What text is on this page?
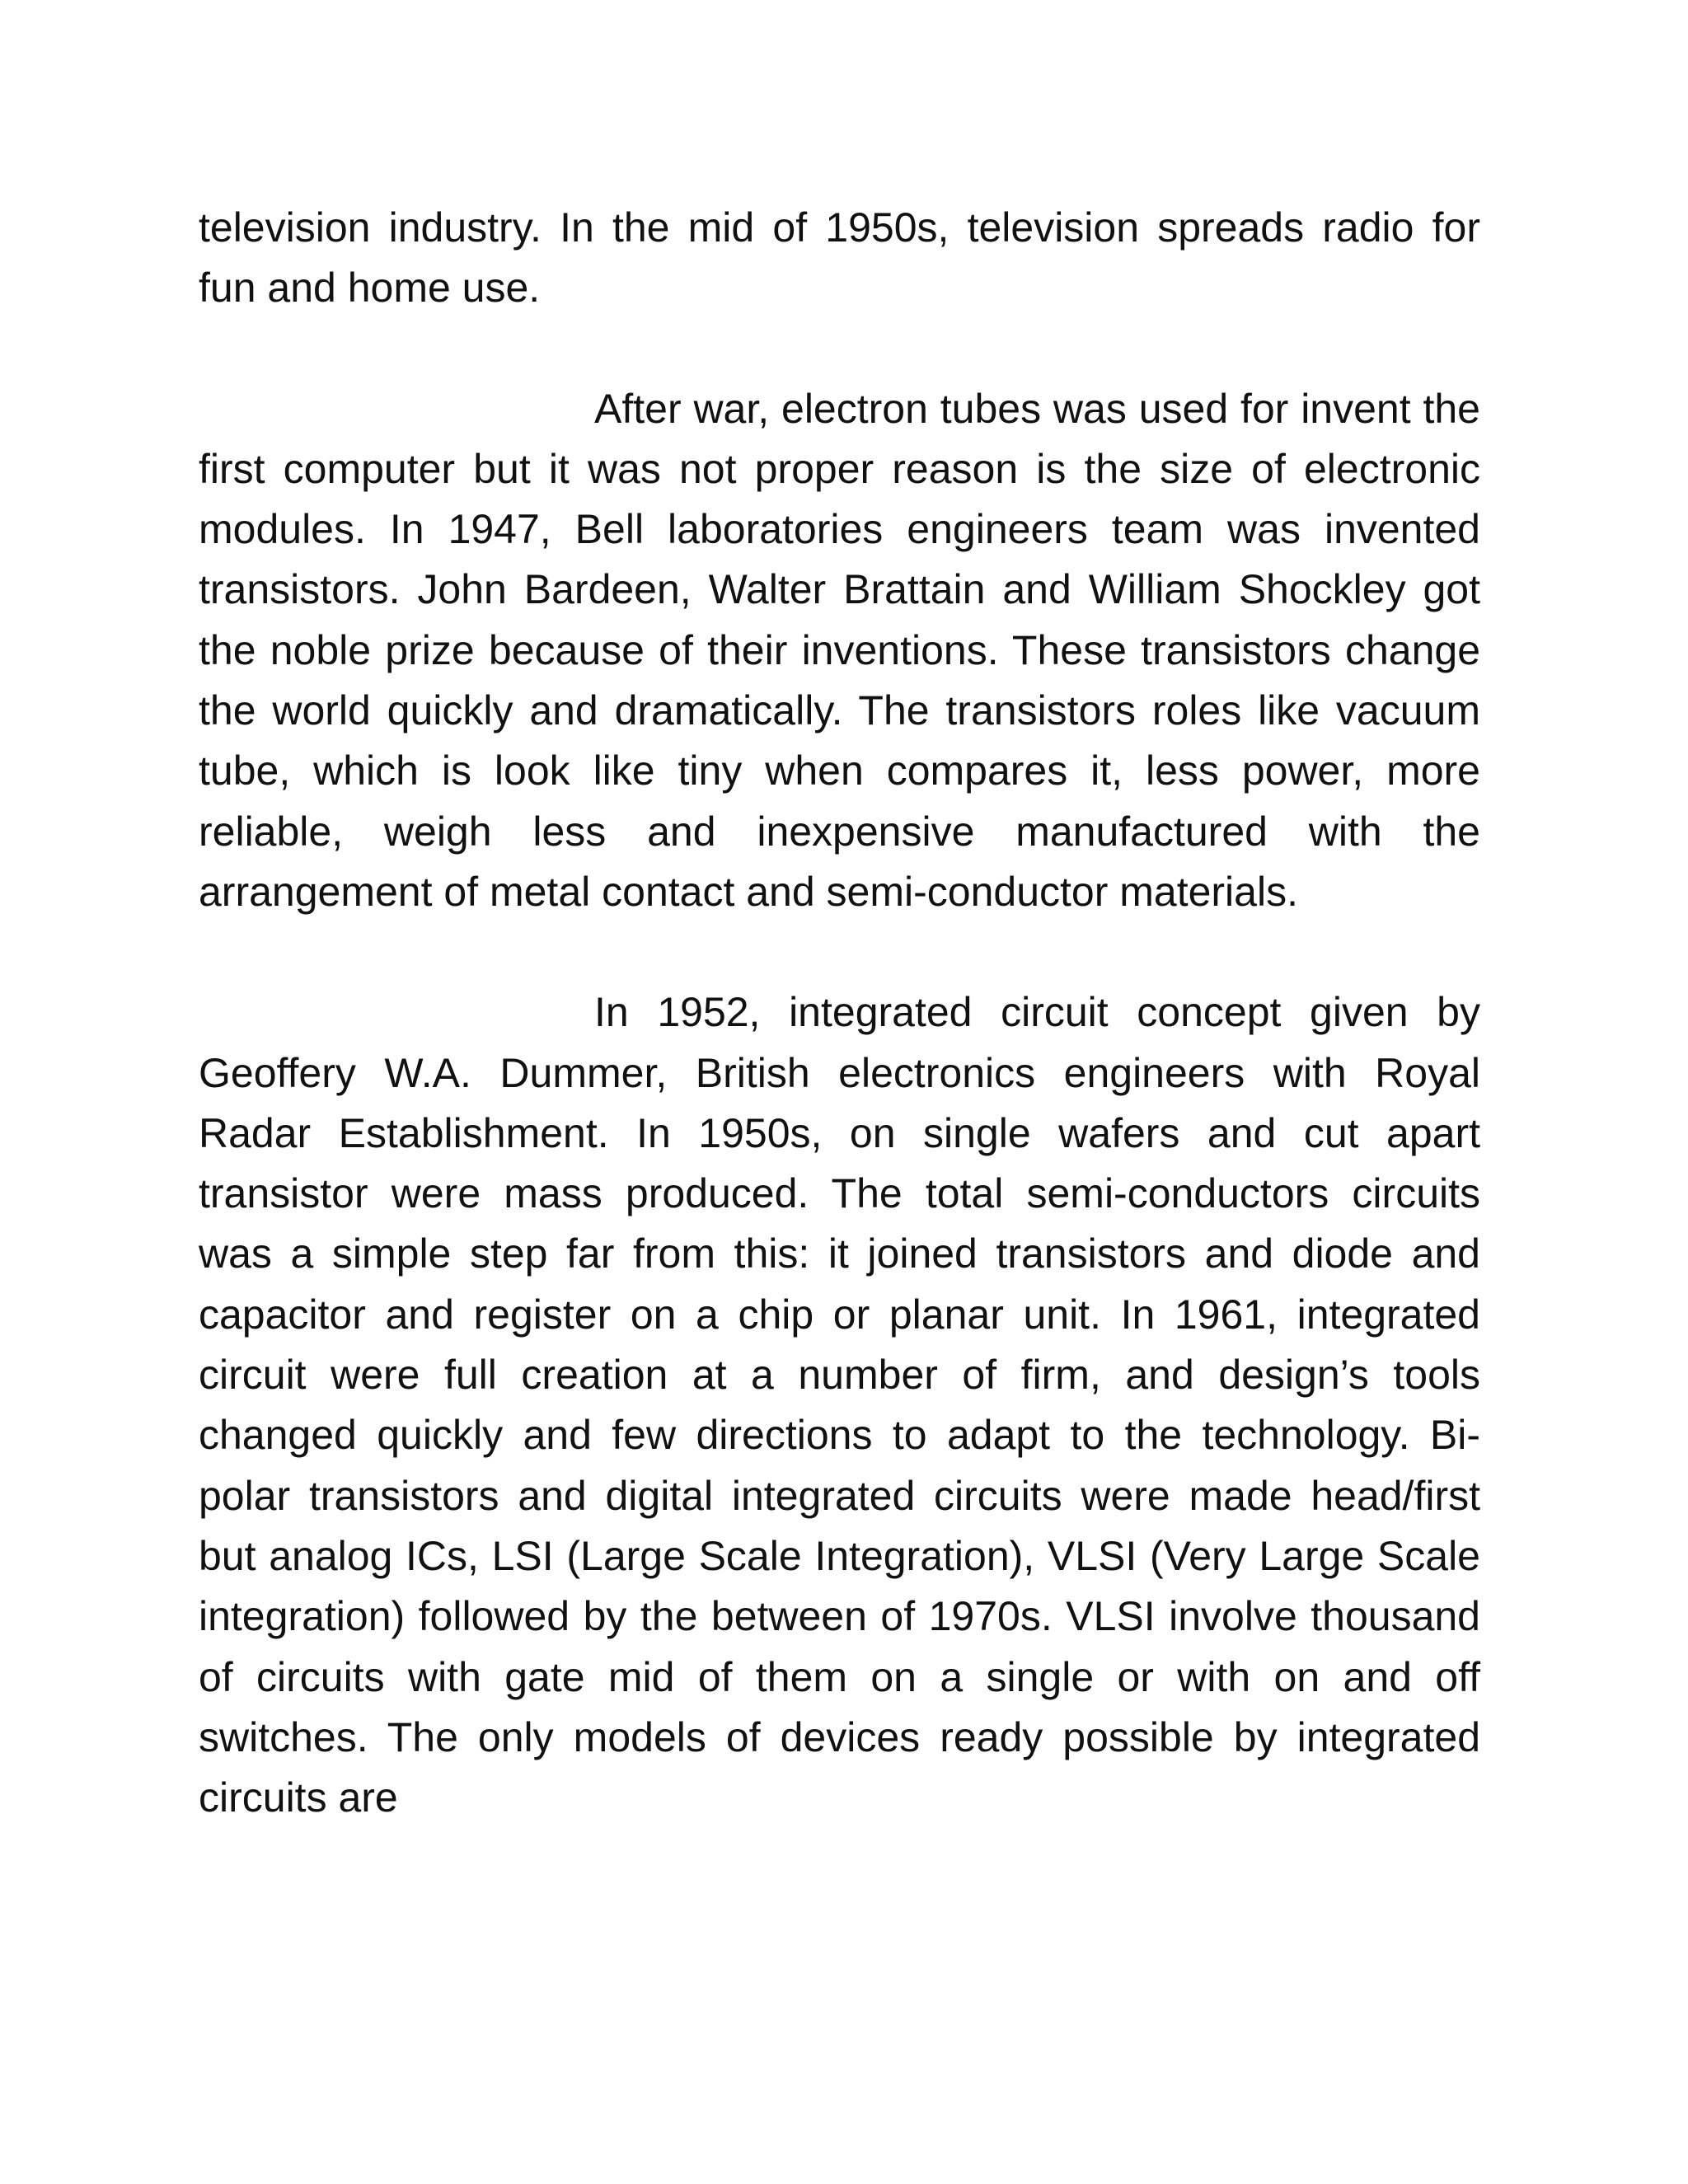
television industry. In the mid of 1950s, television spreads radio for fun and home use.

After war, electron tubes was used for invent the first computer but it was not proper reason is the size of electronic modules. In 1947, Bell laboratories engineers team was invented transistors. John Bardeen, Walter Brattain and William Shockley got the noble prize because of their inventions. These transistors change the world quickly and dramatically. The transistors roles like vacuum tube, which is look like tiny when compares it, less power, more reliable, weigh less and inexpensive manufactured with the arrangement of metal contact and semi-conductor materials.

In 1952, integrated circuit concept given by Geoffery W.A. Dummer, British electronics engineers with Royal Radar Establishment. In 1950s, on single wafers and cut apart transistor were mass produced. The total semi-conductors circuits was a simple step far from this: it joined transistors and diode and capacitor and register on a chip or planar unit. In 1961, integrated circuit were full creation at a number of firm, and design’s tools changed quickly and few directions to adapt to the technology. Bi-polar transistors and digital integrated circuits were made head/first but analog ICs, LSI (Large Scale Integration), VLSI (Very Large Scale integration) followed by the between of 1970s. VLSI involve thousand of circuits with gate mid of them on a single or with on and off switches. The only models of devices ready possible by integrated circuits are
